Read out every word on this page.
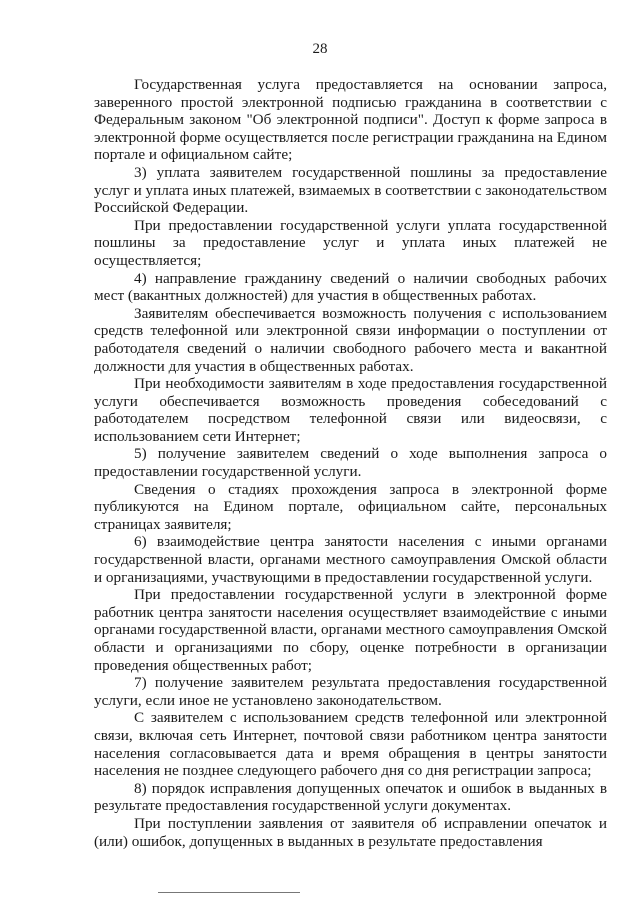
28

Государственная услуга предоставляется на основании запроса, заверенного простой электронной подписью гражданина в соответствии с Федеральным законом "Об электронной подписи". Доступ к форме запроса в электронной форме осуществляется после регистрации гражданина на Едином портале и официальном сайте;

3) уплата заявителем государственной пошлины за предоставление услуг и уплата иных платежей, взимаемых в соответствии с законодательством Российской Федерации.

При предоставлении государственной услуги уплата государственной пошлины за предоставление услуг и уплата иных платежей не осуществляется;

4) направление гражданину сведений о наличии свободных рабочих мест (вакантных должностей) для участия в общественных работах.

Заявителям обеспечивается возможность получения с использованием средств телефонной или электронной связи информации о поступлении от работодателя сведений о наличии свободного рабочего места и вакантной должности для участия в общественных работах.

При необходимости заявителям в ходе предоставления государственной услуги обеспечивается возможность проведения собеседований с работодателем посредством телефонной связи или видеосвязи, с использованием сети Интернет;

5) получение заявителем сведений о ходе выполнения запроса о предоставлении государственной услуги.

Сведения о стадиях прохождения запроса в электронной форме публикуются на Едином портале, официальном сайте, персональных страницах заявителя;

6) взаимодействие центра занятости населения с иными органами государственной власти, органами местного самоуправления Омской области и организациями, участвующими в предоставлении государственной услуги.

При предоставлении государственной услуги в электронной форме работник центра занятости населения осуществляет взаимодействие с иными органами государственной власти, органами местного самоуправления Омской области и организациями по сбору, оценке потребности в организации проведения общественных работ;

7) получение заявителем результата предоставления государственной услуги, если иное не установлено законодательством.

С заявителем с использованием средств телефонной или электронной связи, включая сеть Интернет, почтовой связи работником центра занятости населения согласовывается дата и время обращения в центры занятости населения не позднее следующего рабочего дня со дня регистрации запроса;

8) порядок исправления допущенных опечаток и ошибок в выданных в результате предоставления государственной услуги документах.

При поступлении заявления от заявителя об исправлении опечаток и (или) ошибок, допущенных в выданных в результате предоставления
